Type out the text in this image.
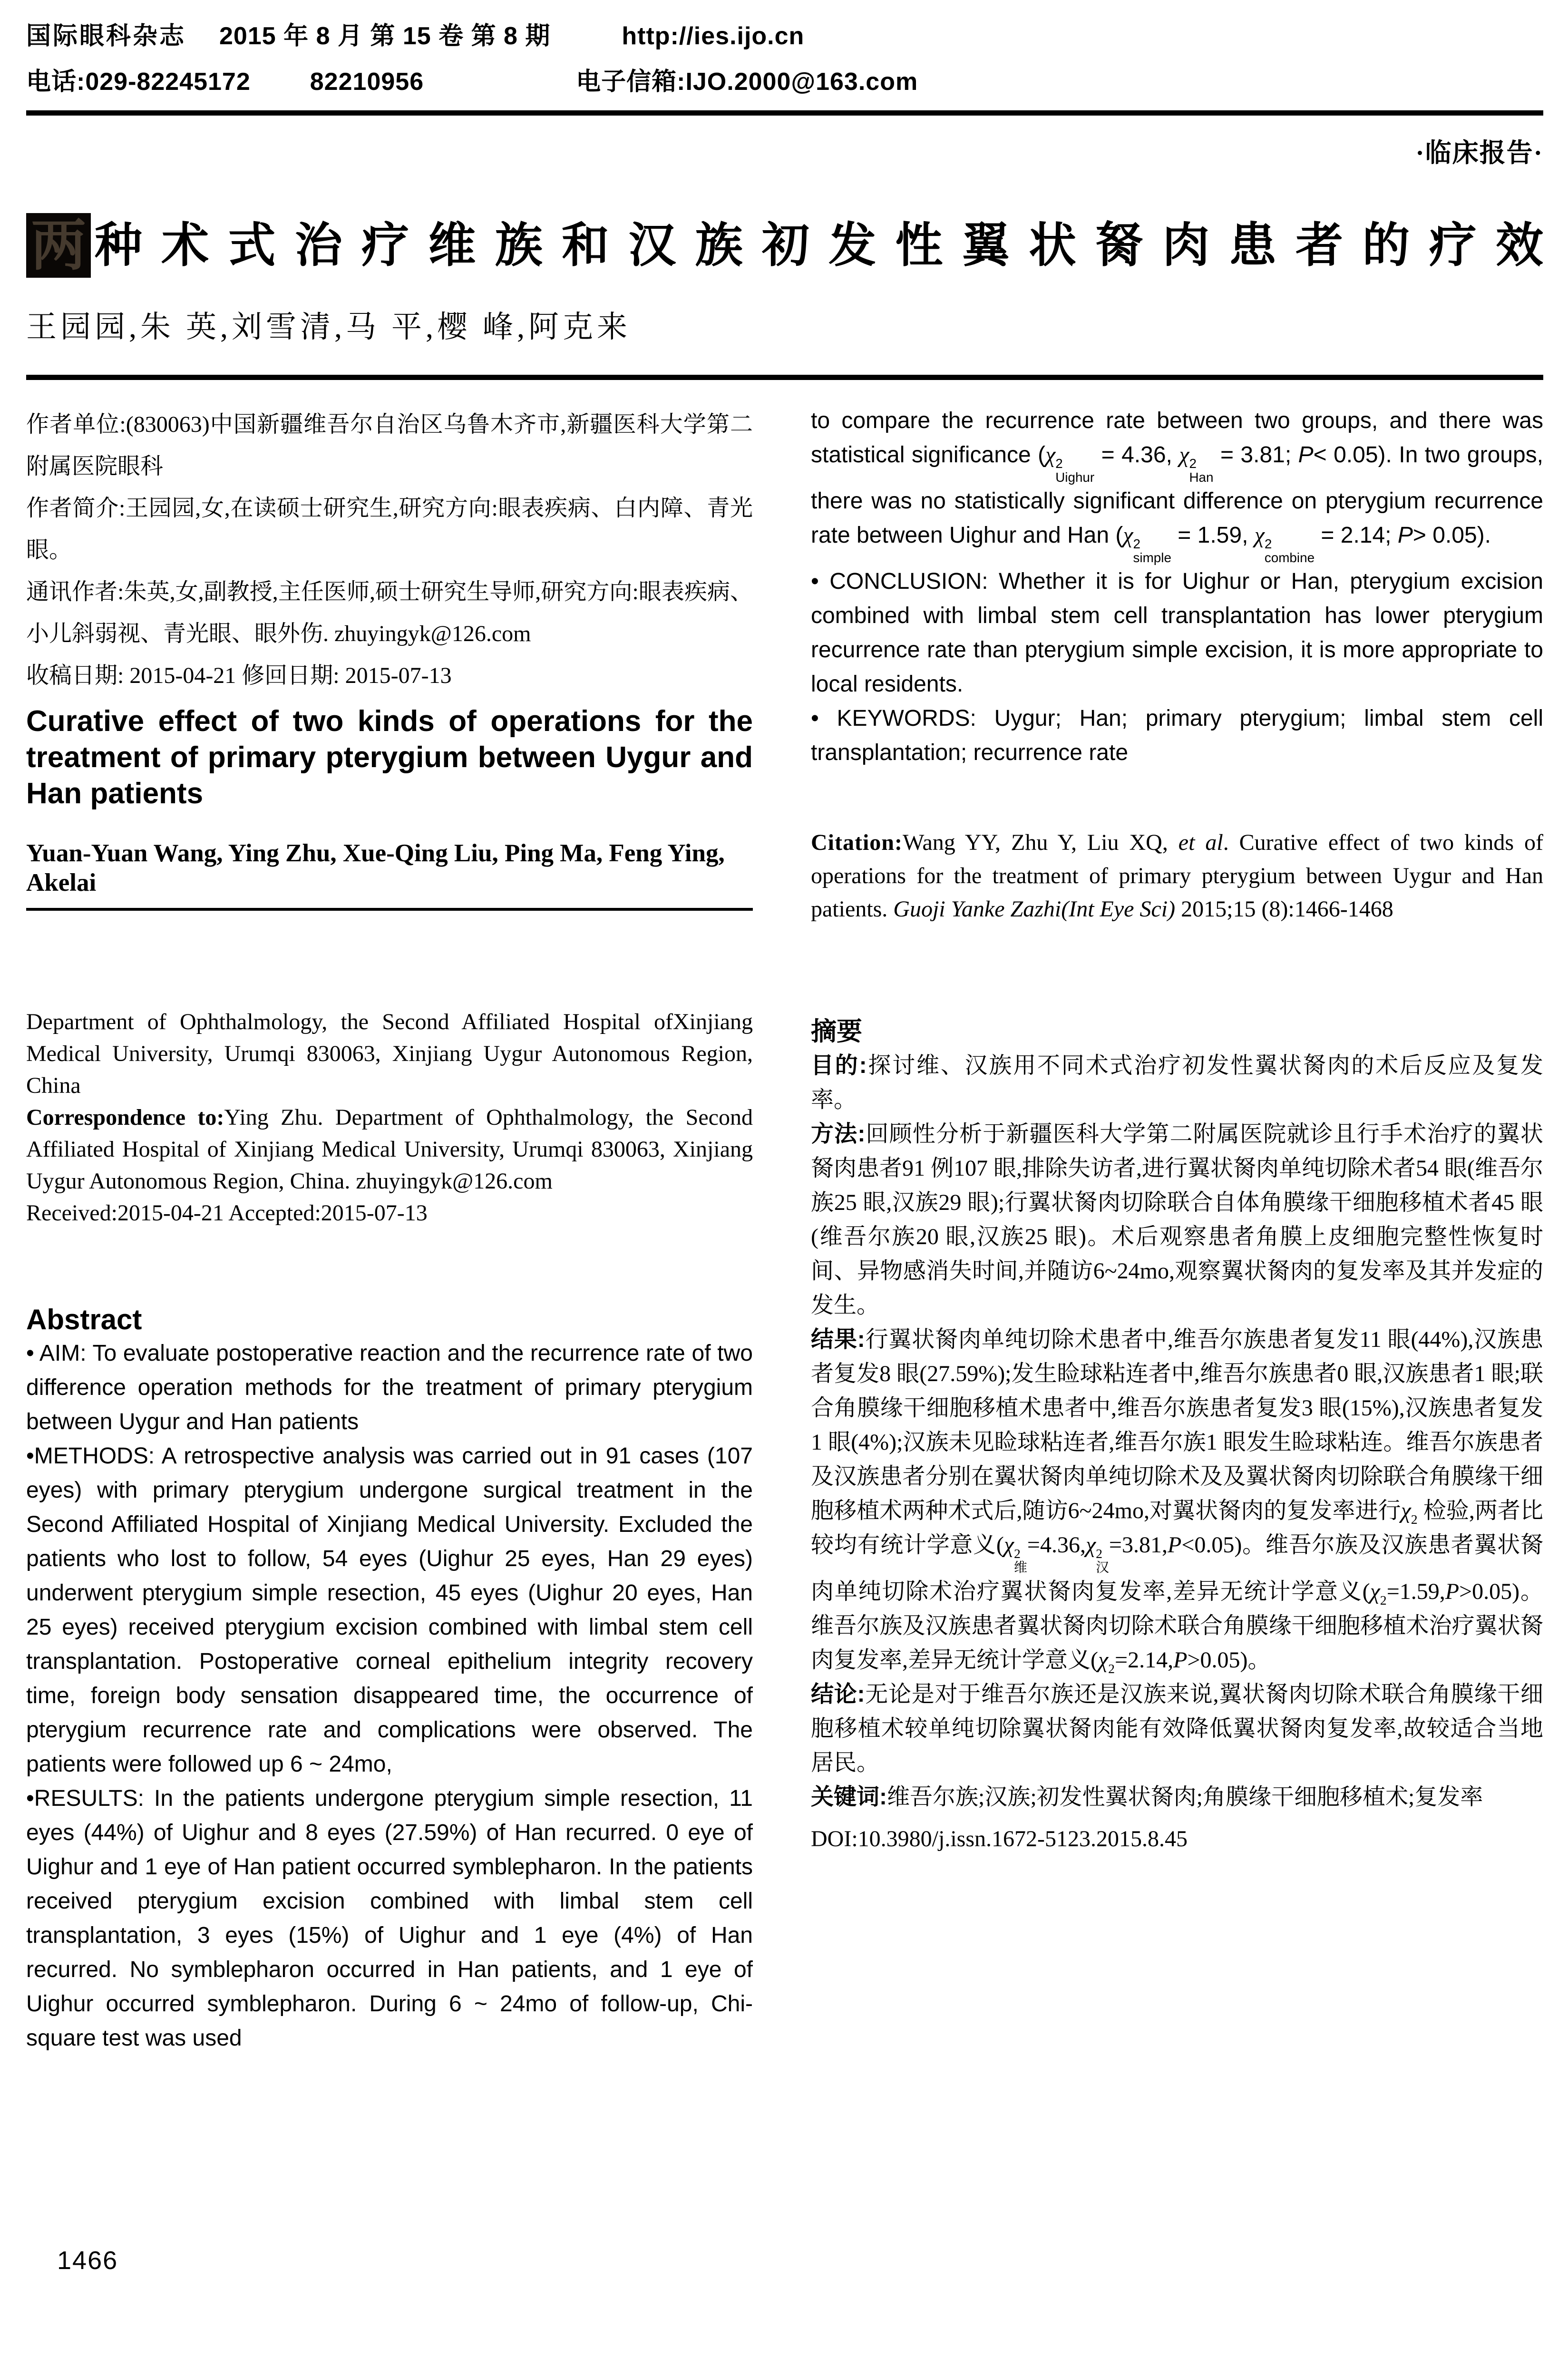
国际眼科杂志 2015 年 8 月 第 15 卷 第 8 期	http://ies.ijo.cn
电话:029-82245172 82210956	电子信箱:IJO.2000@163.com
·临床报告·
两 种术式治疗维族和汉族初发性翼状胬肉患者的疗效
王园园,朱 英,刘雪清,马 平,樱 峰,阿克来

作者单位:(830063)中国新疆维吾尔自治区乌鲁木齐市,新疆医科大学第二附属医院眼科

作者简介:王园园,女,在读硕士研究生,研究方向:眼表疾病、白内障、青光眼。

通讯作者:朱英,女,副教授,主任医师,硕士研究生导师,研究方向:眼表疾病、小儿斜弱视、青光眼、眼外伤. zhuyingyk@126.com

收稿日期: 2015-04-21 修回日期: 2015-07-13

Curative effect of two kinds of operations for the treatment of primary pterygium between Uygur and Han patients
Yuan-Yuan Wang, Ying Zhu, Xue-Qing Liu, Ping Ma, Feng Ying, Akelai

Department of Ophthalmology, the Second Affiliated Hospital ofXinjiang Medical University, Urumqi 830063, Xinjiang Uygur Autonomous Region, China

Correspondence to:Ying Zhu. Department of Ophthalmology, the Second Affiliated Hospital of Xinjiang Medical University, Urumqi 830063, Xinjiang Uygur Autonomous Region, China. zhuyingyk@126.com

Received:2015-04-21 Accepted:2015-07-13

Abstract

• AIM: To evaluate postoperative reaction and the recurrence rate of two difference operation methods for the treatment of primary pterygium between Uygur and Han patients

•METHODS: A retrospective analysis was carried out in 91 cases (107 eyes) with primary pterygium undergone surgical treatment in the Second Affiliated Hospital of Xinjiang Medical University. Excluded the patients who lost to follow, 54 eyes (Uighur 25 eyes, Han 29 eyes) underwent pterygium simple resection, 45 eyes (Uighur 20 eyes, Han 25 eyes) received pterygium excision combined with limbal stem cell transplantation. Postoperative corneal epithelium integrity recovery time, foreign body sensation disappeared time, the occurrence of pterygium recurrence rate and complications were observed. The patients were followed up 6 ~ 24mo,

•RESULTS: In the patients undergone pterygium simple resection, 11 eyes (44%) of Uighur and 8 eyes (27.59%) of Han recurred. 0 eye of Uighur and 1 eye of Han patient occurred symblepharon. In the patients received pterygium excision combined with limbal stem cell transplantation, 3 eyes (15%) of Uighur and 1 eye (4%) of Han recurred. No symblepharon occurred in Han patients, and 1 eye of Uighur occurred symblepharon. During 6 ~ 24mo of follow-up, Chi-square test was used

to compare the recurrence rate between two groups, and there was statistical significance (χ 2
Uighur
= 4.36, χ 2
Han
= 3.81; P< 0.05). In two groups, there was no statistically significant difference on pterygium recurrence rate between Uighur and Han (χ 2
simple
= 1.59, χ 2
combine
= 2.14; P> 0.05).

• CONCLUSION: Whether it is for Uighur or Han, pterygium excision combined with limbal stem cell transplantation has lower pterygium recurrence rate than pterygium simple excision, it is more appropriate to local residents.

• KEYWORDS: Uygur; Han; primary pterygium; limbal stem cell transplantation; recurrence rate

Citation:Wang YY, Zhu Y, Liu XQ, et al. Curative effect of two kinds of operations for the treatment of primary pterygium between Uygur and Han patients. Guoji Yanke Zazhi(Int Eye Sci) 2015;15 (8):1466-1468

摘要

目的:探讨维、汉族用不同术式治疗初发性翼状胬肉的术后反应及复发率。

方法:回顾性分析于新疆医科大学第二附属医院就诊且行手术治疗的翼状胬肉患者91 例107 眼,排除失访者,进行翼状胬肉单纯切除术者54 眼(维吾尔族25 眼,汉族29 眼);行翼状胬肉切除联合自体角膜缘干细胞移植术者45 眼(维吾尔族20 眼,汉族25 眼)。术后观察患者角膜上皮细胞完整性恢复时间、异物感消失时间,并随访6~24mo,观察翼状胬肉的复发率及其并发症的发生。

结果:行翼状胬肉单纯切除术患者中,维吾尔族患者复发11 眼(44%),汉族患者复发8 眼(27.59%);发生睑球粘连者中,维吾尔族患者0 眼,汉族患者1 眼;联合角膜缘干细胞移植术患者中,维吾尔族患者复发3 眼(15%),汉族患者复发1 眼(4%);汉族未见睑球粘连者,维吾尔族1 眼发生睑球粘连。维吾尔族患者及汉族患者分别在翼状胬肉单纯切除术及及翼状胬肉切除联合角膜缘干细胞移植术两种术式后,随访6~24mo,对翼状胬肉的复发率进行χ 2 检验,两者比较均有统计学意义(χ 2
维
=4.36,χ 2
汉
=3.81,P<0.05)。维吾尔族及汉族患者翼状胬肉单纯切除术治疗翼状胬肉复发率,差异无统计学意义(χ 2 =1.59,P>0.05)。维吾尔族及汉族患者翼状胬肉切除术联合角膜缘干细胞移植术治疗翼状胬肉复发率,差异无统计学意义(χ 2 =2.14,P>0.05)。

结论:无论是对于维吾尔族还是汉族来说,翼状胬肉切除术联合角膜缘干细胞移植术较单纯切除翼状胬肉能有效降低翼状胬肉复发率,故较适合当地居民。

关键词:维吾尔族;汉族;初发性翼状胬肉;角膜缘干细胞移植术;复发率

DOI:10.3980/j.issn.1672-5123.2015.8.45

1466
